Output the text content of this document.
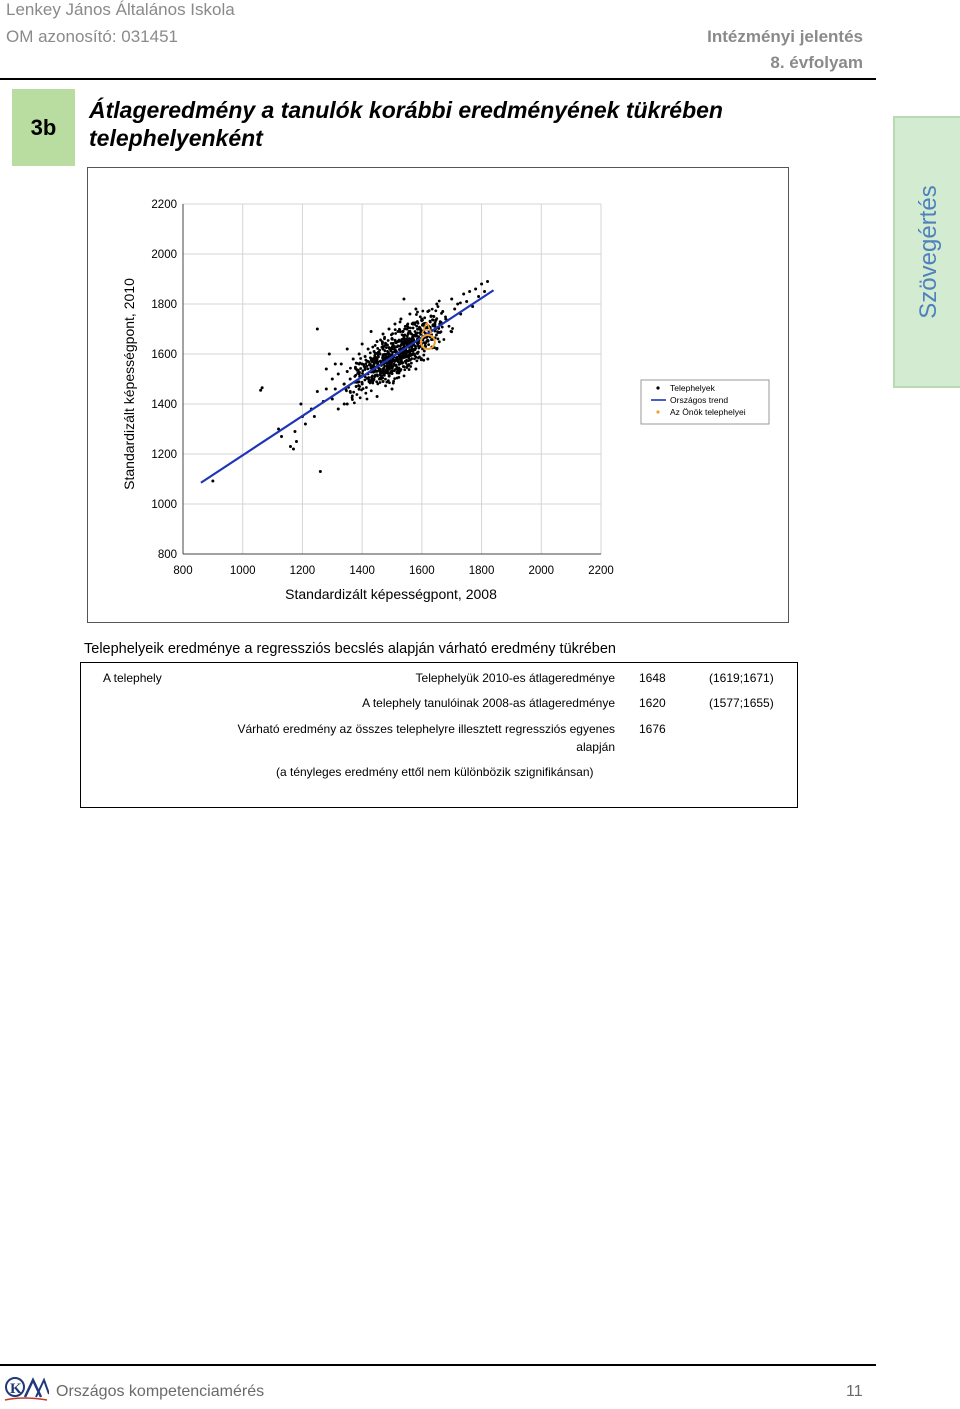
Lenkey János Általános Iskola
OM azonosító: 031451	Intézményi jelentés
8. évfolyam
3b
Átlageredmény a tanulók korábbi eredményének tükrében telephelyenként
Szövegértés
800	1000	1200	1400	1600	1800	2000	2200
800
1000
1200
1400
1600
1800
2000
2200
A
Standardizált képességpont, 2008
Standardizált képességpont, 2010	Telephelyek
Országos trend
Az Önök telephelyei
Telephelyeik eredménye a regressziós becslés alapján várható eredmény tükrében
A telephely	Telephelyük 2010-es átlageredménye 1648	(1619;1671)
A telephely tanulóinak 2008-as átlageredménye 1620	(1577;1655)
Várható eredmény az összes telephelyre illesztett regressziós egyenes
alapján
1676
(a tényleges eredmény ettől nem különbözik szignifikánsan)
K Országos kompetenciamérés	11
